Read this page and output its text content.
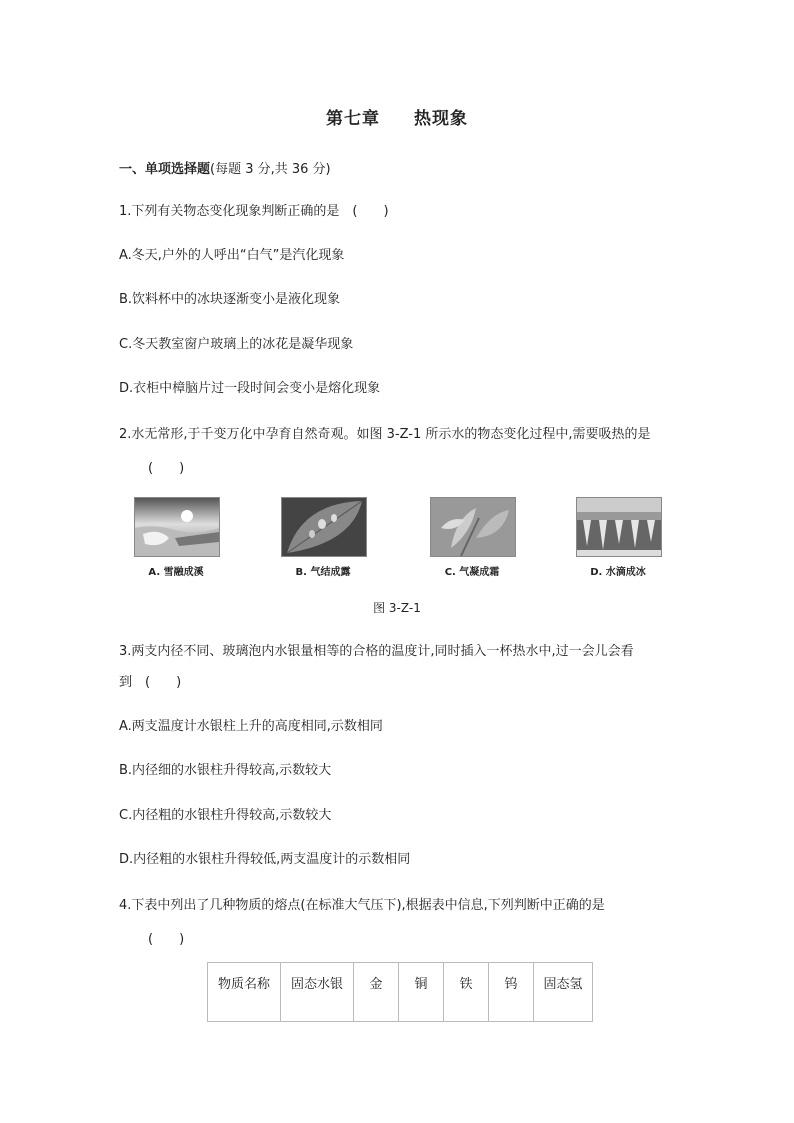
第七章 热现象
一、单项选择题(每题 3 分,共 36 分)
1.下列有关物态变化现象判断正确的是　(　　)
A.冬天,户外的人呼出“白气”是汽化现象
B.饮料杯中的冰块逐渐变小是液化现象
C.冬天教室窗户玻璃上的冰花是凝华现象
D.衣柜中樟脑片过一段时间会变小是熔化现象
2.水无常形,于千变万化中孕育自然奇观。如图 3-Z-1 所示水的物态变化过程中,需要吸热的是
(　　)
A. 雪融成溪	B. 气结成露	C. 气凝成霜	D. 水滴成冰
图 3-Z-1
3.两支内径不同、玻璃泡内水银量相等的合格的温度计,同时插入一杯热水中,过一会儿会看
到　(　　)
A.两支温度计水银柱上升的高度相同,示数相同
B.内径细的水银柱升得较高,示数较大
C.内径粗的水银柱升得较高,示数较大
D.内径粗的水银柱升得较低,两支温度计的示数相同
4.下表中列出了几种物质的熔点(在标准大气压下),根据表中信息,下列判断中正确的是
(　　)
物质名称	固态水银	金	铜	铁	钨	固态氢
